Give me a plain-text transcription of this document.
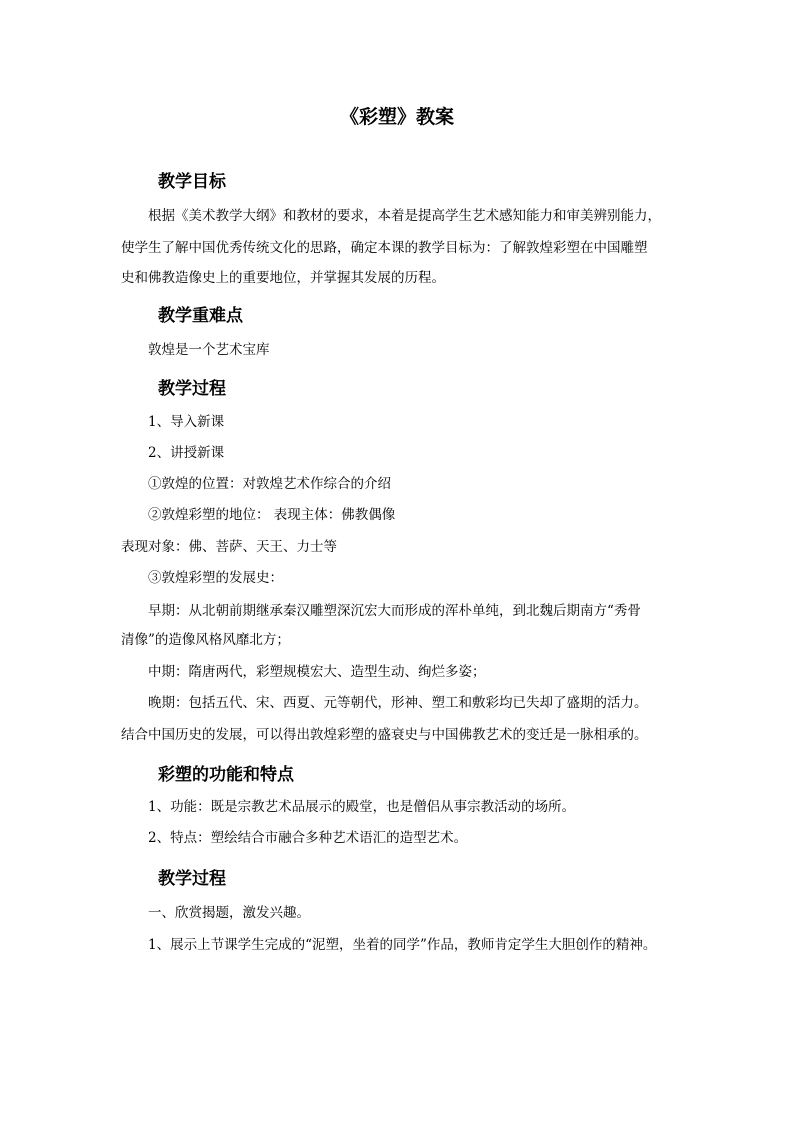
《彩塑》教案
教学目标
根据《美术教学大纲》和教材的要求，本着是提高学生艺术感知能力和审美辨别能力，
使学生了解中国优秀传统文化的思路，确定本课的教学目标为：了解敦煌彩塑在中国雕塑
史和佛教造像史上的重要地位，并掌握其发展的历程。
教学重难点
敦煌是一个艺术宝库
教学过程
1、导入新课
2、讲授新课
①敦煌的位置：对敦煌艺术作综合的介绍
②敦煌彩塑的地位： 表现主体：佛教偶像
表现对象：佛、菩萨、天王、力士等
③敦煌彩塑的发展史：
早期：从北朝前期继承秦汉雕塑深沉宏大而形成的浑朴单纯，到北魏后期南方“秀骨
清像”的造像风格风靡北方；
中期：隋唐两代，彩塑规模宏大、造型生动、绚烂多姿；
晚期：包括五代、宋、西夏、元等朝代，形神、塑工和敷彩均已失却了盛期的活力。
结合中国历史的发展，可以得出敦煌彩塑的盛衰史与中国佛教艺术的变迁是一脉相承的。
彩塑的功能和特点
1、功能：既是宗教艺术品展示的殿堂，也是僧侣从事宗教活动的场所。
2、特点：塑绘结合市融合多种艺术语汇的造型艺术。
教学过程
一、欣赏揭题，激发兴趣。
1、展示上节课学生完成的“泥塑，坐着的同学”作品，教师肯定学生大胆创作的精神。
